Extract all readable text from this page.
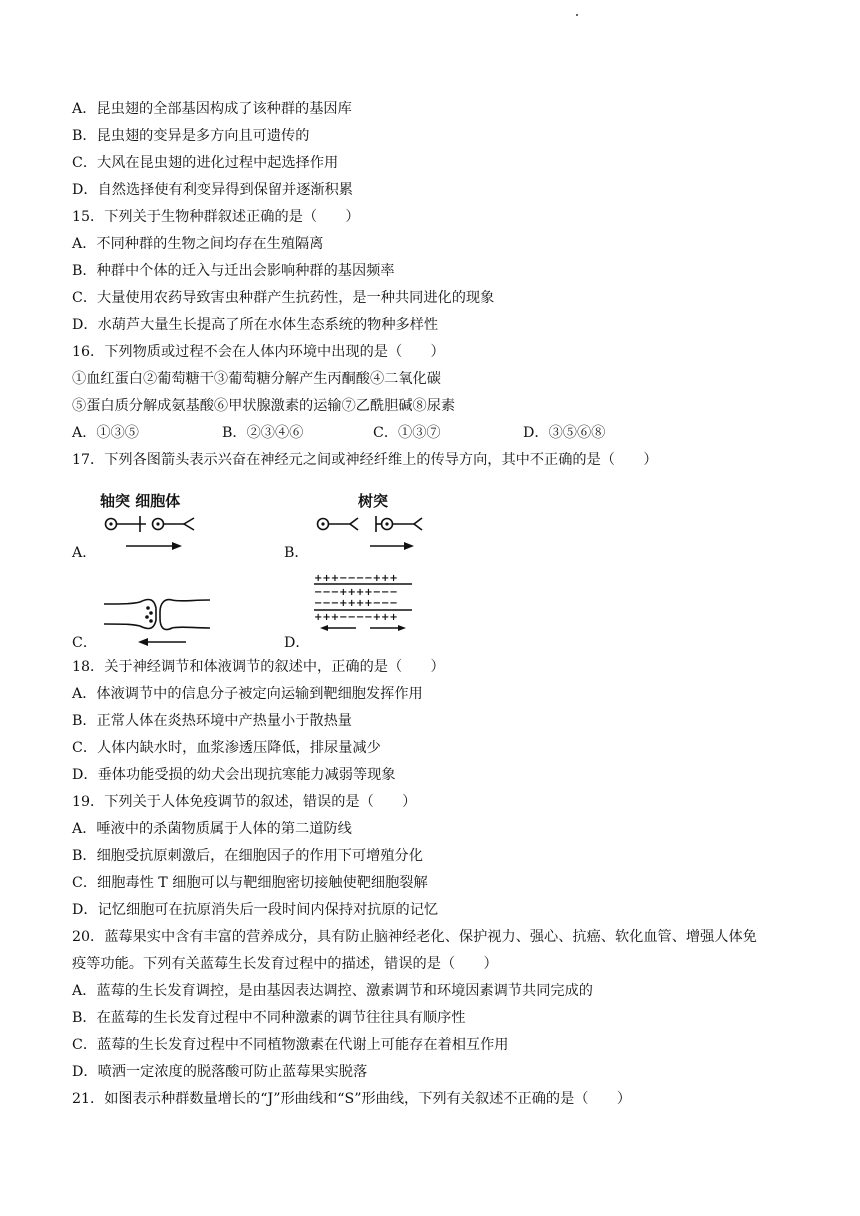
A．昆虫翅的全部基因构成了该种群的基因库
B．昆虫翅的变异是多方向且可遗传的
C．大风在昆虫翅的进化过程中起选择作用
D．自然选择使有利变异得到保留并逐渐积累
15．下列关于生物种群叙述正确的是（　　）
A．不同种群的生物之间均存在生殖隔离
B．种群中个体的迁入与迁出会影响种群的基因频率
C．大量使用农药导致害虫种群产生抗药性，是一种共同进化的现象
D．水葫芦大量生长提高了所在水体生态系统的物种多样性
16．下列物质或过程不会在人体内环境中出现的是（　　）
①血红蛋白②葡萄糖干③葡萄糖分解产生丙酮酸④二氧化碳
⑤蛋白质分解成氨基酸⑥甲状腺激素的运输⑦乙酰胆碱⑧尿素
A．①③⑤	B．②③④⑥	C．①③⑦	D．③⑤⑥⑧
17．下列各图箭头表示兴奋在神经元之间或神经纤维上的传导方向，其中不正确的是（　　）
轴突 细胞体
A．
树突
B．
C．
+++−−−−+++
−−−++++−−−
−−−++++−−−
+++−−−−+++
D．
18．关于神经调节和体液调节的叙述中，正确的是（　　）
A．体液调节中的信息分子被定向运输到靶细胞发挥作用
B．正常人体在炎热环境中产热量小于散热量
C．人体内缺水时，血浆渗透压降低，排尿量减少
D．垂体功能受损的幼犬会出现抗寒能力减弱等现象
19．下列关于人体免疫调节的叙述，错误的是（　　）
A．唾液中的杀菌物质属于人体的第二道防线
B．细胞受抗原刺激后，在细胞因子的作用下可增殖分化
C．细胞毒性 T 细胞可以与靶细胞密切接触使靶细胞裂解
D．记忆细胞可在抗原消失后一段时间内保持对抗原的记忆
20．蓝莓果实中含有丰富的营养成分，具有防止脑神经老化、保护视力、强心、抗癌、软化血管、增强人体免
疫等功能。下列有关蓝莓生长发育过程中的描述，错误的是（　　）
A．蓝莓的生长发育调控，是由基因表达调控、激素调节和环境因素调节共同完成的
B．在蓝莓的生长发育过程中不同种激素的调节往往具有顺序性
C．蓝莓的生长发育过程中不同植物激素在代谢上可能存在着相互作用
D．喷洒一定浓度的脱落酸可防止蓝莓果实脱落
21．如图表示种群数量增长的“J”形曲线和“S”形曲线，下列有关叙述不正确的是（　　）
